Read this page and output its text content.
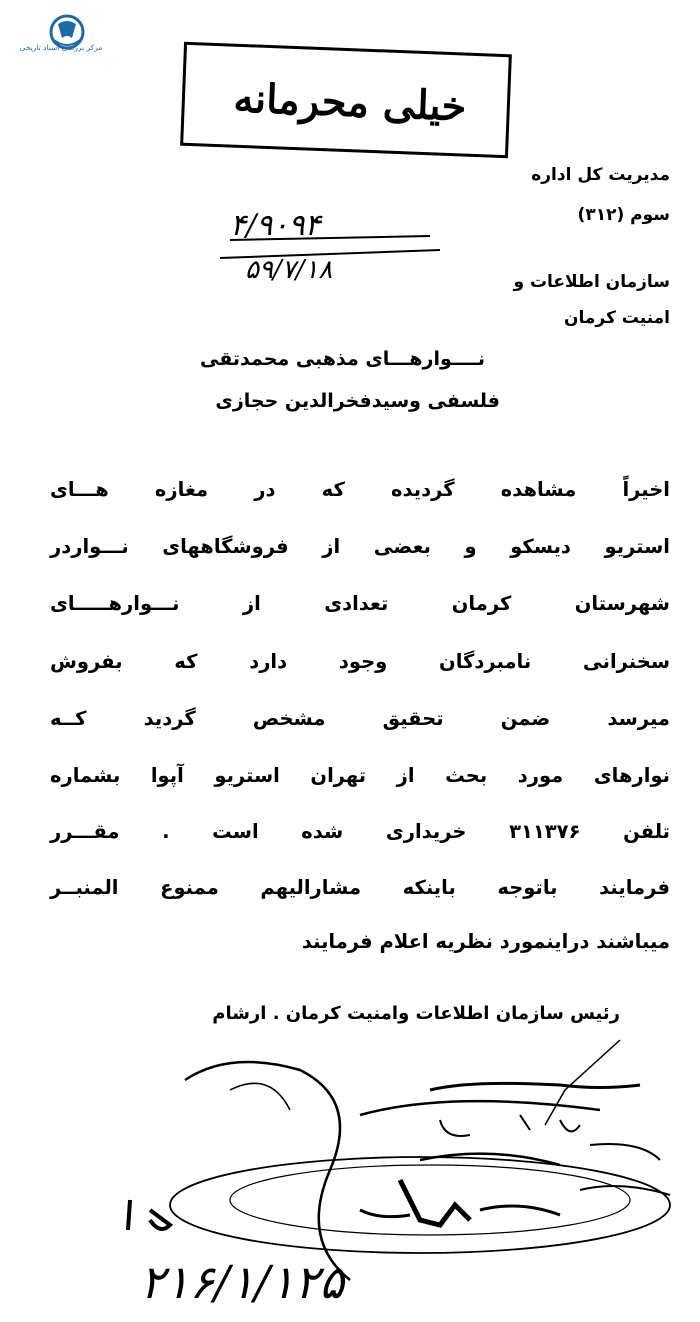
مرکز بررسی اسناد تاریخی
خیلی محرمانه
مدیریت کل اداره
سوم (۳۱۲)
سازمان اطلاعات و
امنیت کرمان
۴/۹۰۹۴
۵۹/۷/۱۸
نــــوارهـــای مذهبی محمدتقی
فلسفی وسیدفخرالدین حجازی
اخیراً مشاهده گردیده که در مغازه هـــای
استریو دیسکو و بعضی از فروشگاههای نـــواردر
شهرستان کرمان تعدادی از نـــوارهـــــای
سخنرانی نامبردگان وجود دارد که بفروش
میرسد ضمن تحقیق مشخص گردید کــه
نوارهای مورد بحث از تهران استریو آپوا بشماره
تلفن ۳۱۱۳۷۶ خریداری شده است . مقـــرر
فرمایند باتوجه باینکه مشارالیهم ممنوع المنبــر
میباشند دراینمورد نظریه اعلام فرمایند
رئیس سازمان اطلاعات وامنیت کرمان . ارشام
۲۱۶/۱/۱۲۵
